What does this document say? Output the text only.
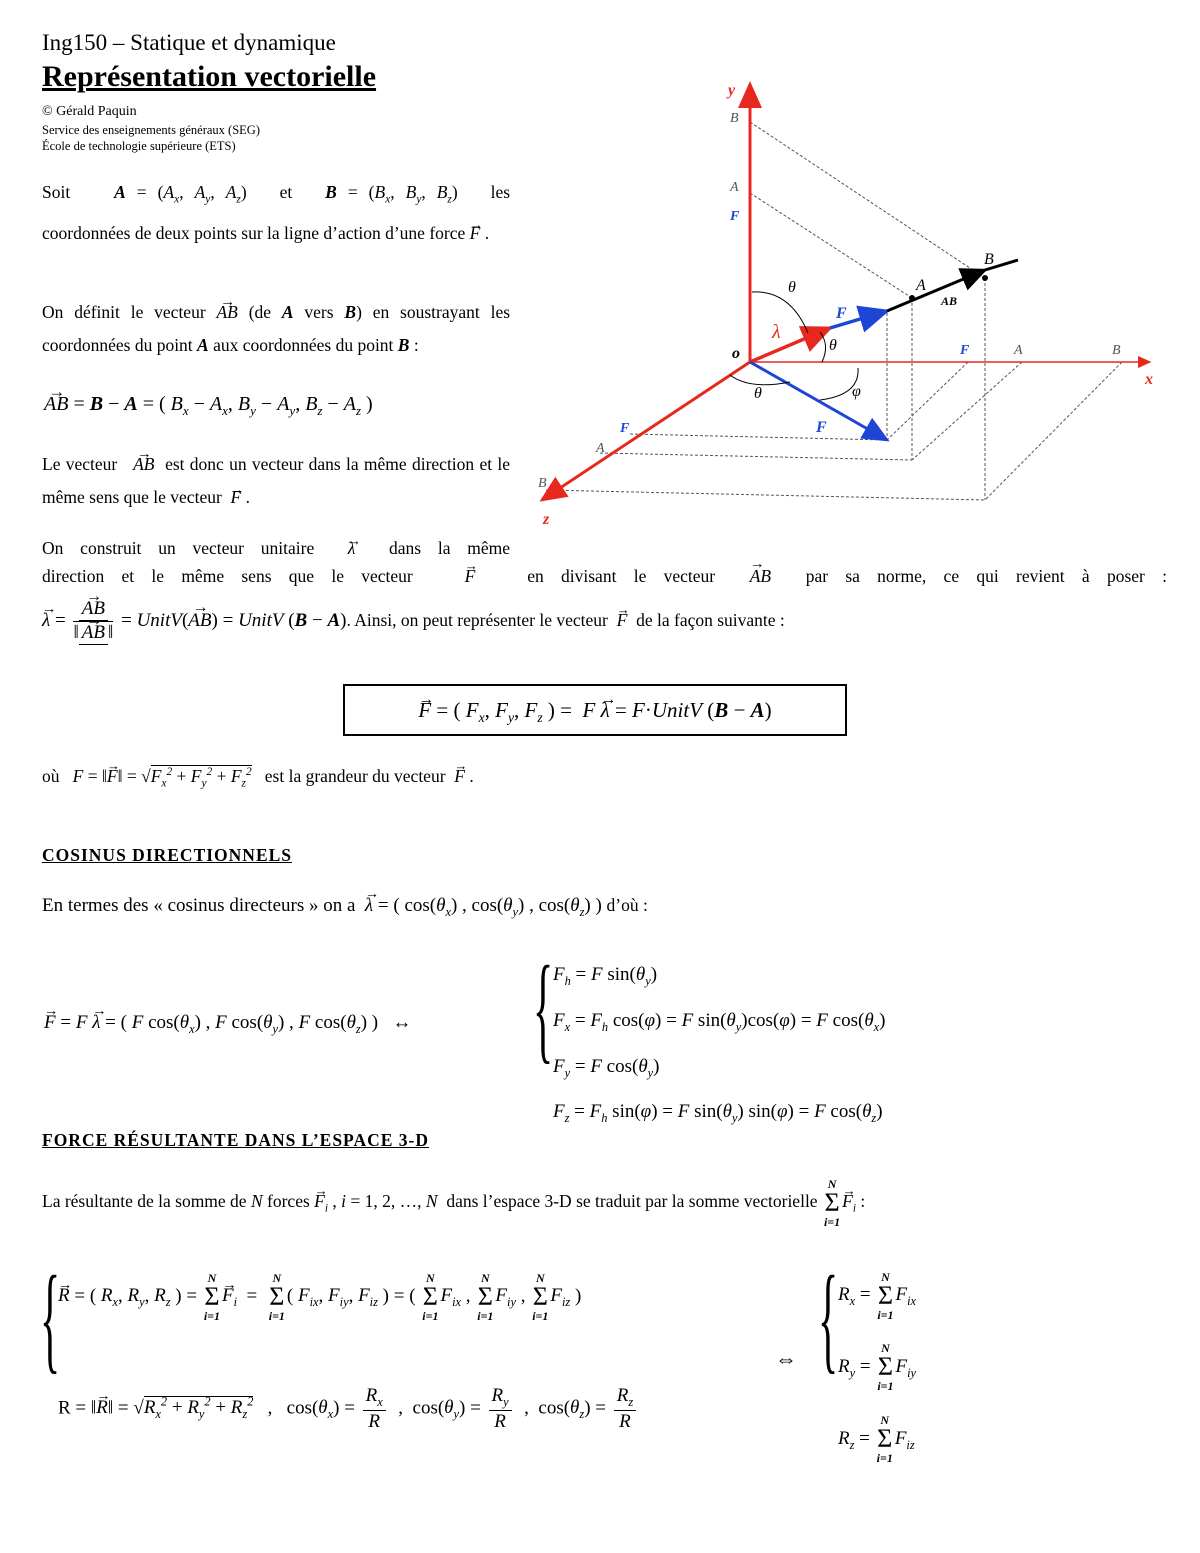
Ing150 – Statique et dynamique
Représentation vectorielle
© Gérald Paquin
Service des enseignements généraux (SEG)
École de technologie supérieure (ETS)
Soit	$A = (A_x$, $A_y$, $A_z$)   et $B = (B_x$, $B_y$, $B_z$)   les
coordonnées de deux points sur la ligne d’action d’une force → F .
On définit le vecteur → AB (de A vers B) en soustrayant les coordonnées du point A aux coordonnées du point B :
→ AB = B − A = ( $B_x - A_x$, $B_y - A_y$, $B_z - A_z$ )
Le vecteur → AB est donc un vecteur dans la même direction et le même sens que le vecteur → F .
On construit un vecteur unitaire → λ dans la même
direction et le même sens que le vecteur	→ F	en divisant le vecteur → AB par sa norme, ce qui revient à poser :
→ λ = → $\frac{AB}{‖ \to AB ‖}$ = UnitV(→ AB) = UnitV (B − A). Ainsi, on peut représenter le vecteur → F de la façon suivante :
→ F = ( $F_x$, $F_y$, $F_z$ ) =  F → λ = F·UnitV (B − A)
où F = ‖→ F‖ = $√F_x^2 + F_y^2 + F_z^2$ est la grandeur du vecteur → F .
COSINUS DIRECTIONNELS
En termes des « cosinus directeurs » on a → λ = ( $\cos(\theta_x)$ , $\cos(\theta_y)$ , $\cos(\theta_z)$ ) d’où :
→ F = F → λ = ( F $\cos(\theta_x)$ , F $\cos(\theta_y)$ , F $\cos(\theta_z)$ )   ↔ { $F_h = F$ $\sin(\theta_y)$
$F_x = F_h$ cos(φ) = F $\sin(\theta_y)\cos(\varphi) = F$ $\cos(\theta_x)$
$F_y = F$ $\cos(\theta_y)$
$F_z = F_h$ sin(φ) = F $\sin(\theta_y) \sin(\varphi) = F$ $\cos(\theta_z)$
FORCE RÉSULTANTE DANS L’ESPACE 3-D
La résultante de la somme de N forces → $F_i$ , i = 1, 2, …, N dans l’espace 3-D se traduit par la somme vectorielle
N
Σ
i=1
→ $F_i$ :
{
→ R = ( $R_x$, $R_y$, $R_z$ ) =
N
Σ
i=1
→ $F_i$  =
N
Σ
i=1
( $F_{ix}$, $F_{iy}$, $F_{iz}$ ) = (
N
Σ
i=1
$F_{ix}$ ,
N
Σ
i=1
$F_{iy}$ ,
N
Σ
i=1
$F_{iz}$ )
R = ‖→ R‖ = $√R_x^2 + R_y^2 + R_z^2$   ,   $\cos(\theta_x) = \frac{R_x}{R}$ ,  $\cos(\theta_y) = \frac{R_y}{R}$ ,  $\cos(\theta_z) = \frac{R_z}{R}$
⇔ { $R_x$ =
N
Σ
i=1
$F_{ix}$
$R_y$ =
N
Σ
i=1
$F_{iy}$
$R_z$ =
N
Σ
i=1
$F_{iz}$
y
x
z
o
A
B
B
A
F
F	A	B
F
A
B
F
F
λ
AB
θ
θ
θ	φ
